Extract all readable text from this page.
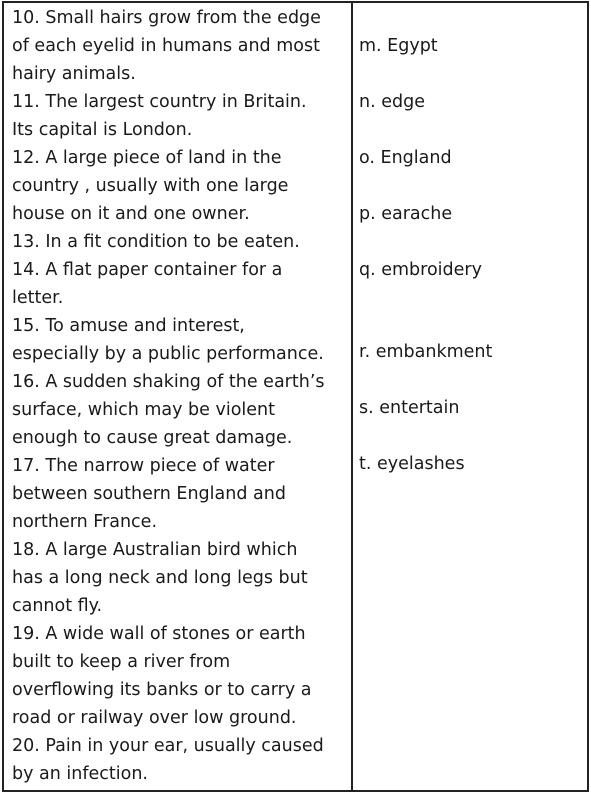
10. Small hairs grow from the edge
of each eyelid in humans and most
hairy animals.

11. The largest country in Britain.
Its capital is London.

12. A large piece of land in the
country , usually with one large
house on it and one owner.

13. In a fit condition to be eaten.

14. A flat paper container for a
letter.

15. To amuse and interest,
especially by a public performance.

16. A sudden shaking of the earth’s
surface, which may be violent
enough to cause great damage.

17. The narrow piece of water
between southern England and
northern France.

18. A large Australian bird which
has a long neck and long legs but
cannot fly.

19. A wide wall of stones or earth
built to keep a river from
overflowing its banks or to carry a
road or railway over low ground.

20. Pain in your ear, usually caused
by an infection.

m. Egypt

n. edge

o. England

p. earache

q. embroidery

r. embankment

s. entertain

t. eyelashes
